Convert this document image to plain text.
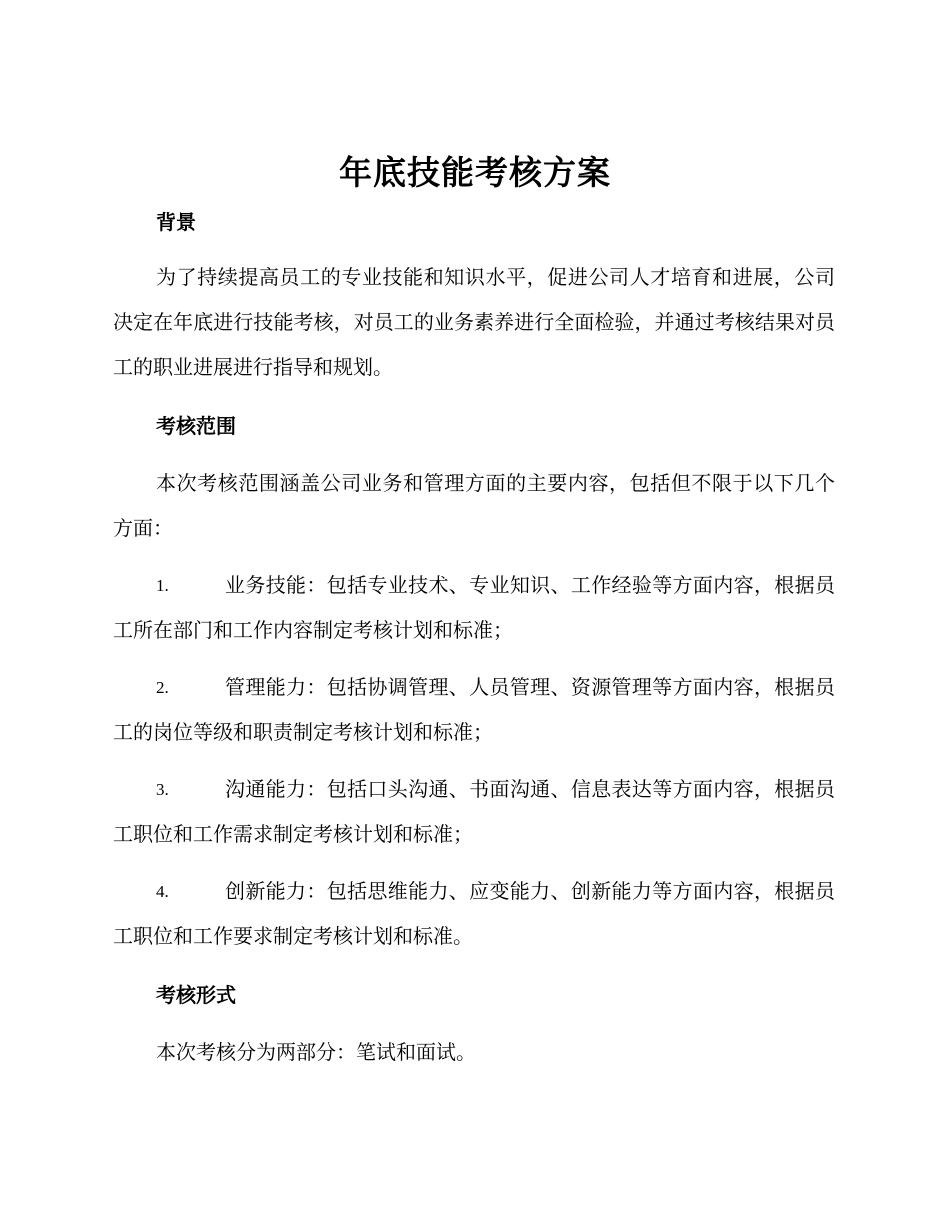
年底技能考核方案
背景

为了持续提高员工的专业技能和知识水平，促进公司人才培育和进展，公司决定在年底进行技能考核，对员工的业务素养进行全面检验，并通过考核结果对员工的职业进展进行指导和规划。

考核范围

本次考核范围涵盖公司业务和管理方面的主要内容，包括但不限于以下几个方面：

1.	业务技能：包括专业技术、专业知识、工作经验等方面内容，根据员工所在部门和工作内容制定考核计划和标准；
2.	管理能力：包括协调管理、人员管理、资源管理等方面内容，根据员工的岗位等级和职责制定考核计划和标准；
3.	沟通能力：包括口头沟通、书面沟通、信息表达等方面内容，根据员工职位和工作需求制定考核计划和标准；
4.	创新能力：包括思维能力、应变能力、创新能力等方面内容，根据员工职位和工作要求制定考核计划和标准。
考核形式

本次考核分为两部分：笔试和面试。
